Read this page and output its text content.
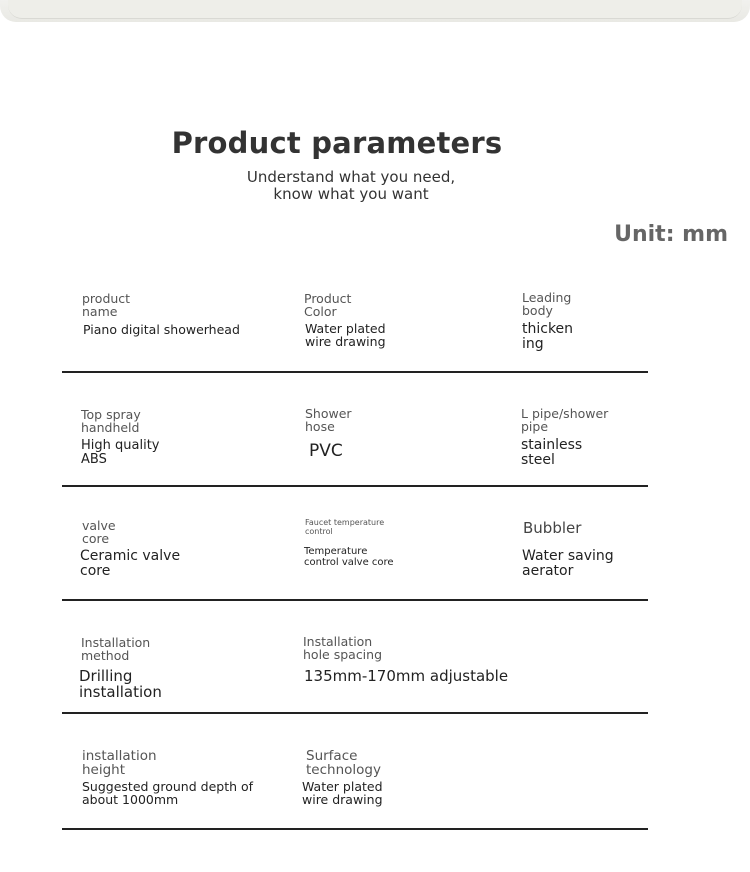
Product parameters
Understand what you need,
know what you want
Unit: mm
product
name
Piano digital showerhead
Product
Color
Water plated
wire drawing
Leading
body
thicken
ing
Top spray
handheld
High quality
ABS
Shower
hose
PVC
L pipe/shower
pipe
stainless
steel
valve
core
Ceramic valve
core
Faucet temperature
control
Temperature
control valve core
Bubbler
Water saving
aerator
Installation
method
Drilling
installation
Installation
hole spacing
135mm-170mm adjustable
installation
height
Suggested ground depth of
about 1000mm
Surface
technology
Water plated
wire drawing
